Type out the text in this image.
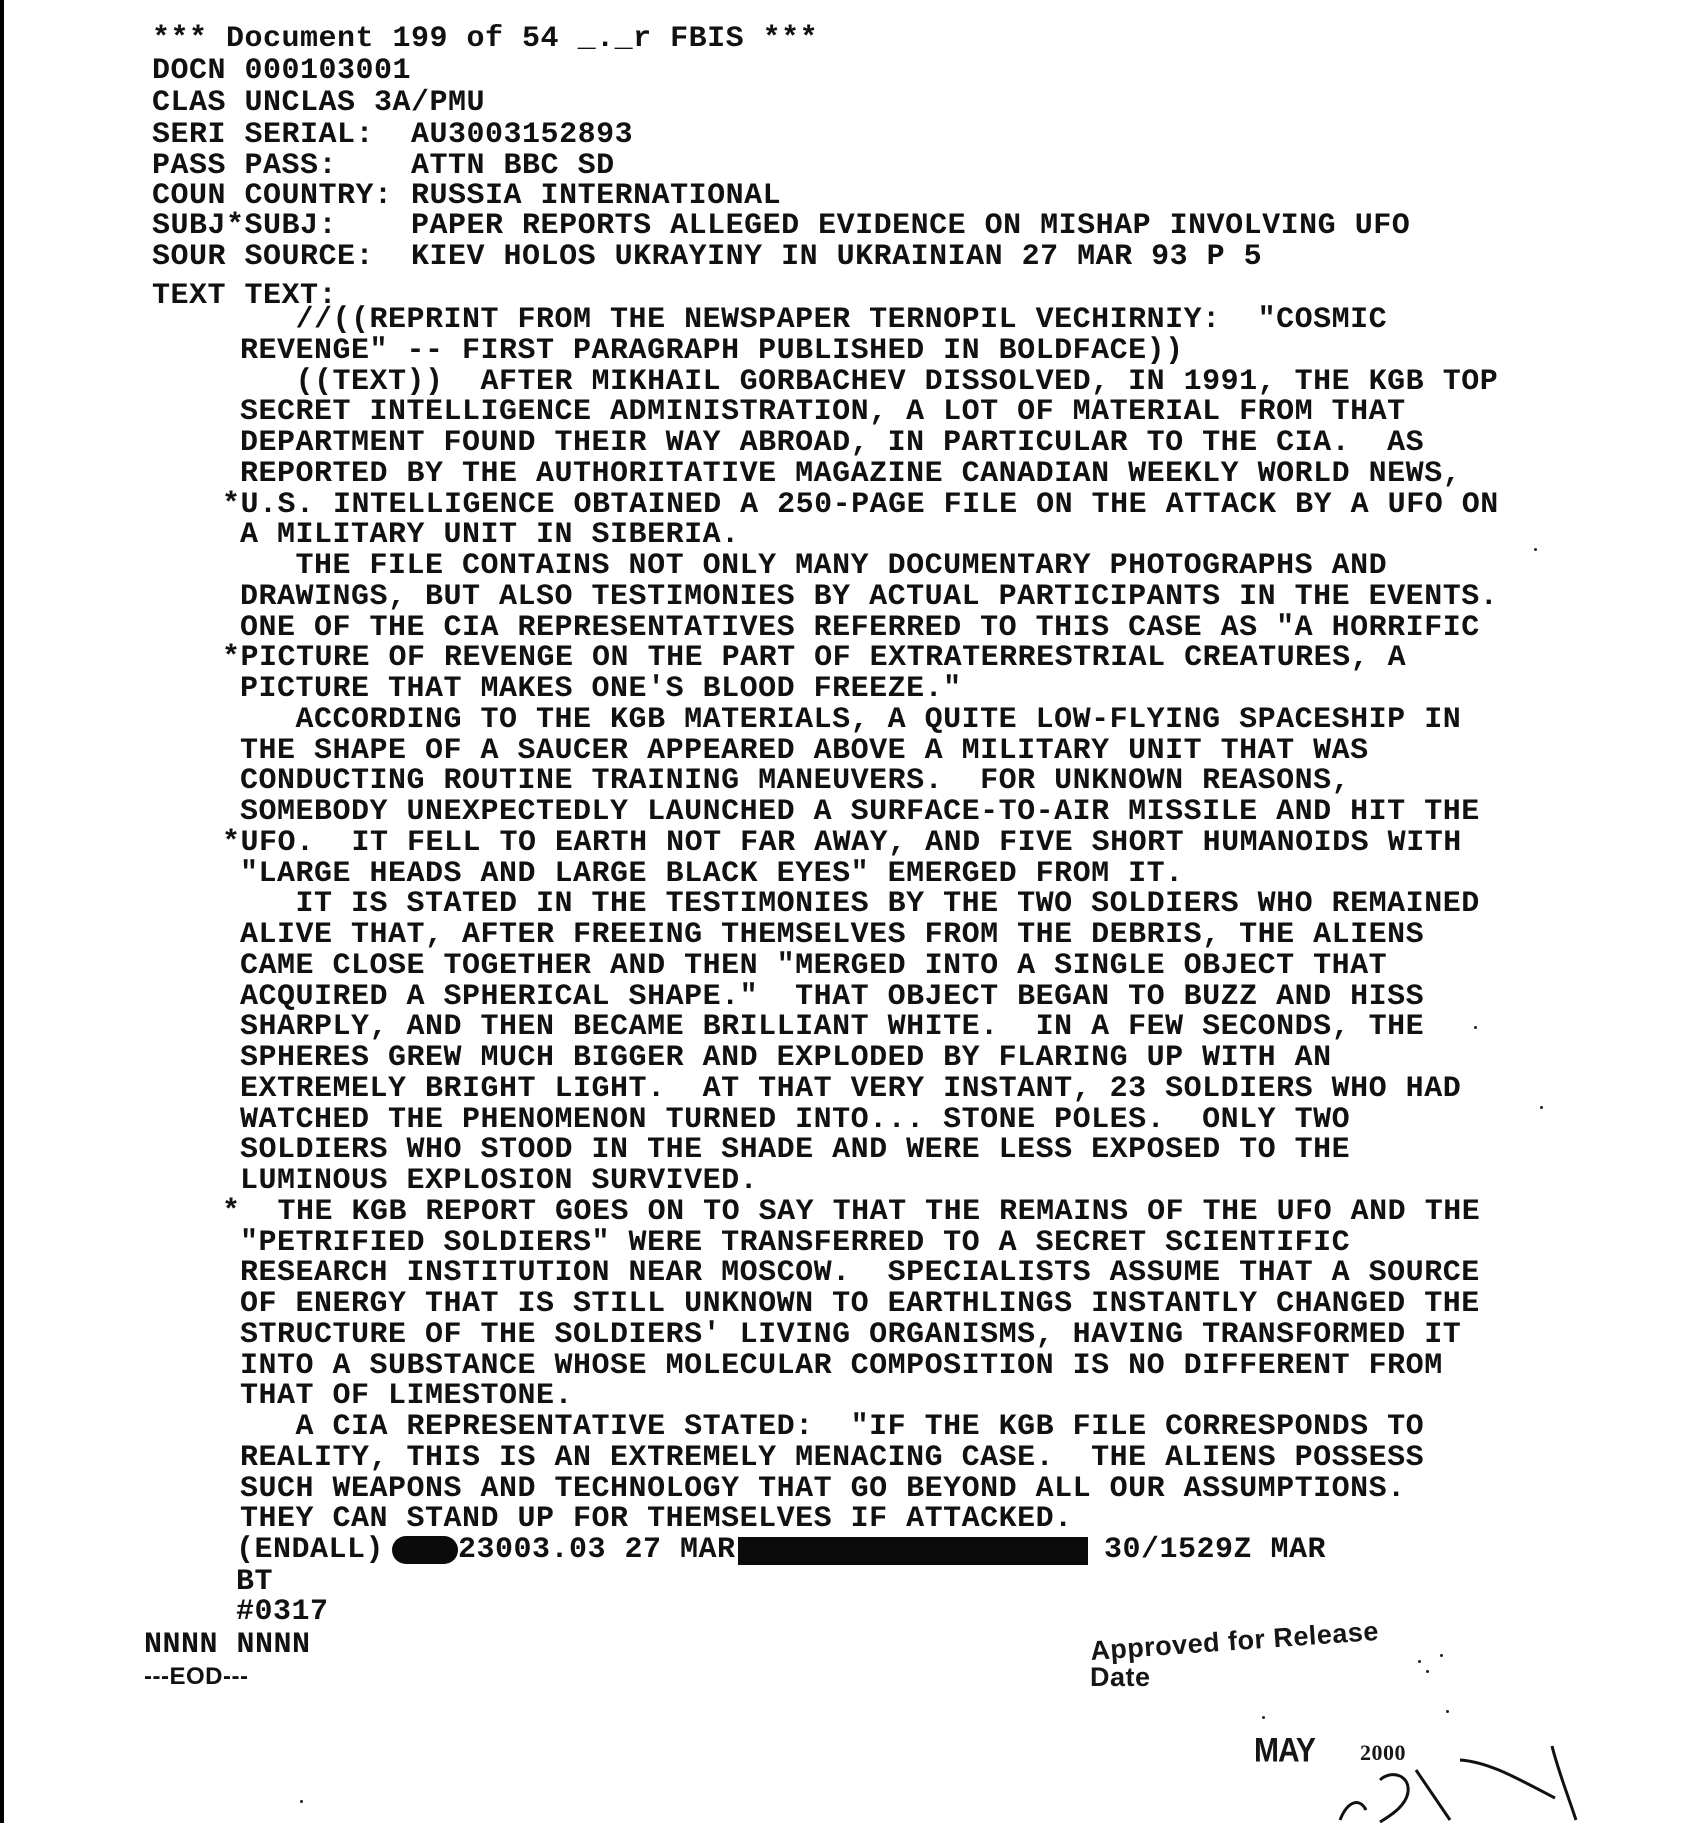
*** Document 199 of 54 _._r FBIS ***
DOCN 000103001
CLAS UNCLAS 3A/PMU
SERI SERIAL:  AU3003152893
PASS PASS:    ATTN BBC SD
COUN COUNTRY: RUSSIA INTERNATIONAL
SUBJ*SUBJ:    PAPER REPORTS ALLEGED EVIDENCE ON MISHAP INVOLVING UFO
SOUR SOURCE:  KIEV HOLOS UKRAYINY IN UKRAINIAN 27 MAR 93 P 5
TEXT TEXT:
//((REPRINT FROM THE NEWSPAPER TERNOPIL VECHIRNIY:  "COSMIC
REVENGE" -- FIRST PARAGRAPH PUBLISHED IN BOLDFACE))
((TEXT))  AFTER MIKHAIL GORBACHEV DISSOLVED, IN 1991, THE KGB TOP
SECRET INTELLIGENCE ADMINISTRATION, A LOT OF MATERIAL FROM THAT
DEPARTMENT FOUND THEIR WAY ABROAD, IN PARTICULAR TO THE CIA.  AS
REPORTED BY THE AUTHORITATIVE MAGAZINE CANADIAN WEEKLY WORLD NEWS,
*U.S. INTELLIGENCE OBTAINED A 250-PAGE FILE ON THE ATTACK BY A UFO ON
A MILITARY UNIT IN SIBERIA.
THE FILE CONTAINS NOT ONLY MANY DOCUMENTARY PHOTOGRAPHS AND
DRAWINGS, BUT ALSO TESTIMONIES BY ACTUAL PARTICIPANTS IN THE EVENTS.
ONE OF THE CIA REPRESENTATIVES REFERRED TO THIS CASE AS "A HORRIFIC
*PICTURE OF REVENGE ON THE PART OF EXTRATERRESTRIAL CREATURES, A
PICTURE THAT MAKES ONE'S BLOOD FREEZE."
ACCORDING TO THE KGB MATERIALS, A QUITE LOW-FLYING SPACESHIP IN
THE SHAPE OF A SAUCER APPEARED ABOVE A MILITARY UNIT THAT WAS
CONDUCTING ROUTINE TRAINING MANEUVERS.  FOR UNKNOWN REASONS,
SOMEBODY UNEXPECTEDLY LAUNCHED A SURFACE-TO-AIR MISSILE AND HIT THE
*UFO.  IT FELL TO EARTH NOT FAR AWAY, AND FIVE SHORT HUMANOIDS WITH
"LARGE HEADS AND LARGE BLACK EYES" EMERGED FROM IT.
IT IS STATED IN THE TESTIMONIES BY THE TWO SOLDIERS WHO REMAINED
ALIVE THAT, AFTER FREEING THEMSELVES FROM THE DEBRIS, THE ALIENS
CAME CLOSE TOGETHER AND THEN "MERGED INTO A SINGLE OBJECT THAT
ACQUIRED A SPHERICAL SHAPE."  THAT OBJECT BEGAN TO BUZZ AND HISS
SHARPLY, AND THEN BECAME BRILLIANT WHITE.  IN A FEW SECONDS, THE
SPHERES GREW MUCH BIGGER AND EXPLODED BY FLARING UP WITH AN
EXTREMELY BRIGHT LIGHT.  AT THAT VERY INSTANT, 23 SOLDIERS WHO HAD
WATCHED THE PHENOMENON TURNED INTO... STONE POLES.  ONLY TWO
SOLDIERS WHO STOOD IN THE SHADE AND WERE LESS EXPOSED TO THE
LUMINOUS EXPLOSION SURVIVED.
*  THE KGB REPORT GOES ON TO SAY THAT THE REMAINS OF THE UFO AND THE
"PETRIFIED SOLDIERS" WERE TRANSFERRED TO A SECRET SCIENTIFIC
RESEARCH INSTITUTION NEAR MOSCOW.  SPECIALISTS ASSUME THAT A SOURCE
OF ENERGY THAT IS STILL UNKNOWN TO EARTHLINGS INSTANTLY CHANGED THE
STRUCTURE OF THE SOLDIERS' LIVING ORGANISMS, HAVING TRANSFORMED IT
INTO A SUBSTANCE WHOSE MOLECULAR COMPOSITION IS NO DIFFERENT FROM
THAT OF LIMESTONE.
A CIA REPRESENTATIVE STATED:  "IF THE KGB FILE CORRESPONDS TO
REALITY, THIS IS AN EXTREMELY MENACING CASE.  THE ALIENS POSSESS
SUCH WEAPONS AND TECHNOLOGY THAT GO BEYOND ALL OUR ASSUMPTIONS.
THEY CAN STAND UP FOR THEMSELVES IF ATTACKED.
(ENDALL) 23003.03 27 MAR	30/1529Z MAR
BT
#0317
NNNN NNNN
---EOD---
Approved for Release
Date
MAY 2000
